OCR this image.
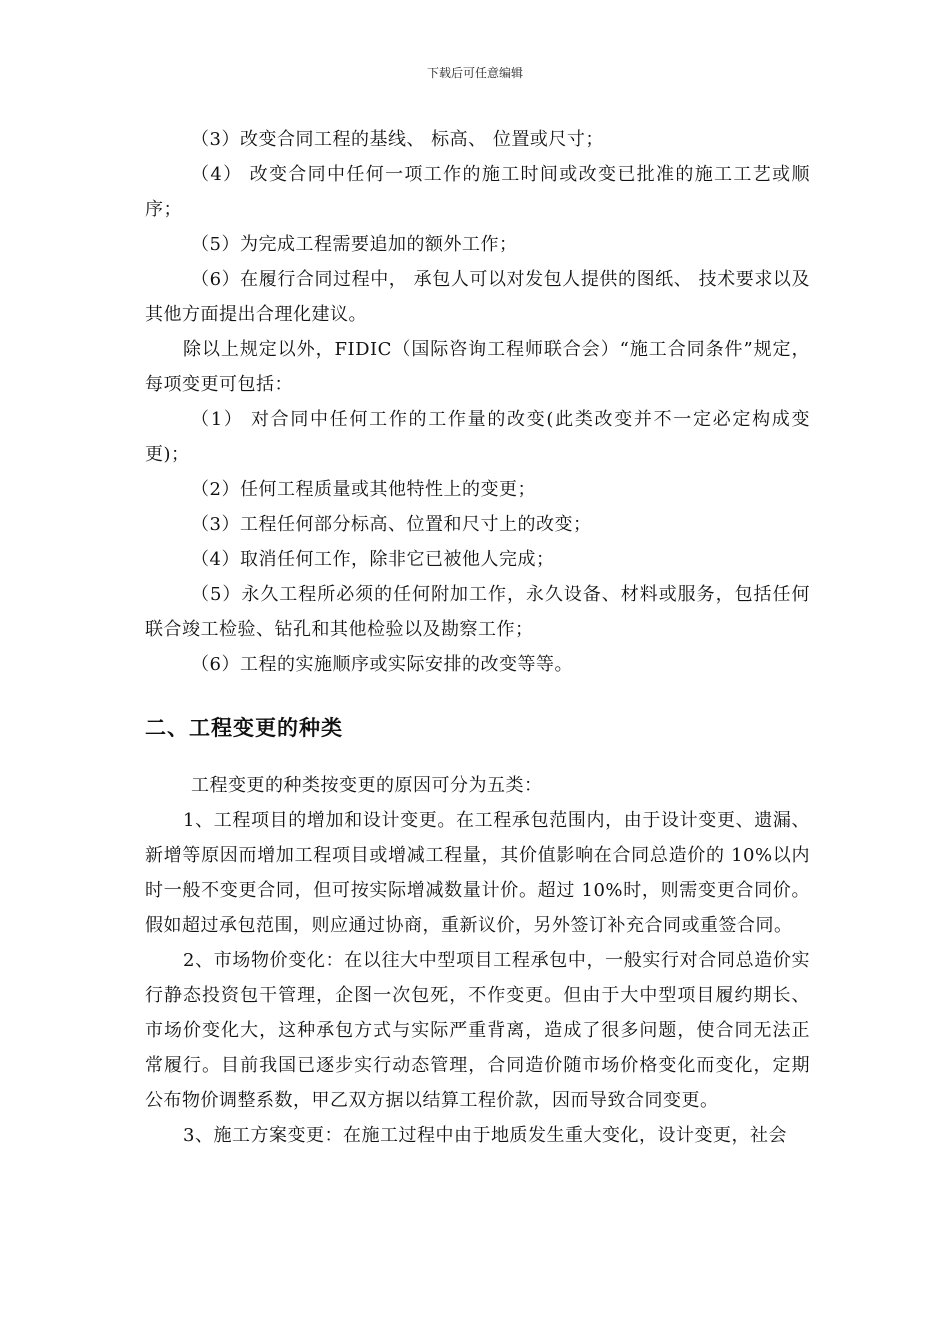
下载后可任意编辑

（3）改变合同工程的基线、 标高、 位置或尺寸；

（4） 改变合同中任何一项工作的施工时间或改变已批准的施工工艺或顺序；

（5）为完成工程需要追加的额外工作；

（6）在履行合同过程中， 承包人可以对发包人提供的图纸、 技术要求以及其他方面提出合理化建议。

除以上规定以外，FIDIC（国际咨询工程师联合会）“施工合同条件”规定，每项变更可包括：

（1） 对合同中任何工作的工作量的改变(此类改变并不一定必定构成变更)；

（2）任何工程质量或其他特性上的变更；

（3）工程任何部分标高、位置和尺寸上的改变；

（4）取消任何工作，除非它已被他人完成；

（5）永久工程所必须的任何附加工作，永久设备、材料或服务，包括任何联合竣工检验、钻孔和其他检验以及勘察工作；

（6）工程的实施顺序或实际安排的改变等等。

二、工程变更的种类

工程变更的种类按变更的原因可分为五类：

1、工程项目的增加和设计变更。在工程承包范围内，由于设计变更、遗漏、新增等原因而增加工程项目或增减工程量，其价值影响在合同总造价的 10%以内时一般不变更合同，但可按实际增减数量计价。超过 10%时，则需变更合同价。假如超过承包范围，则应通过协商，重新议价，另外签订补充合同或重签合同。

2、市场物价变化：在以往大中型项目工程承包中，一般实行对合同总造价实行静态投资包干管理，企图一次包死，不作变更。但由于大中型项目履约期长、市场价变化大，这种承包方式与实际严重背离，造成了很多问题，使合同无法正常履行。目前我国已逐步实行动态管理，合同造价随市场价格变化而变化，定期公布物价调整系数，甲乙双方据以结算工程价款，因而导致合同变更。

3、施工方案变更：在施工过程中由于地质发生重大变化，设计变更，社会
